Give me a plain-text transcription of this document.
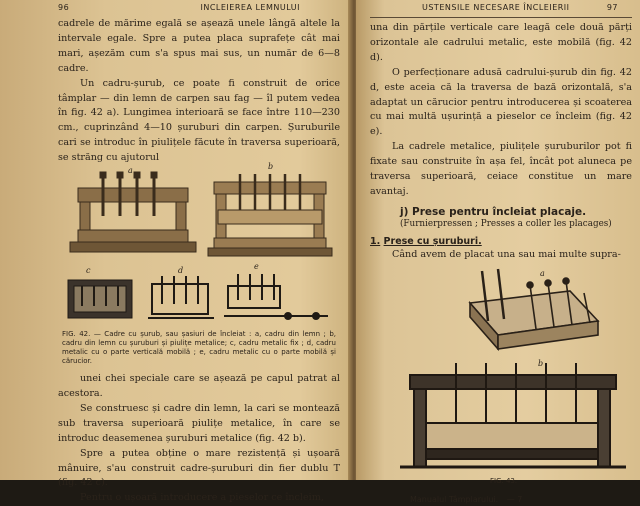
96	INCLEIEREA LEMNULUI

cadrele de mărime egală se așează unele lângă altele la intervale egale. Spre a putea placa suprafețe cât mai mari, așezăm cum s'a spus mai sus, un număr de 6—8 cadre.

Un cadru-șurub, ce poate fi construit de orice tâmplar — din lemn de carpen sau fag — îl putem vedea în fig. 42 a). Lungimea interioară se face între 110—230 cm., cuprinzând 4—10 șuruburi din carpen. Șuruburile cari se introduc în piulițele făcute în traversa superioară, se străng cu ajutorul

a	b
c	d	e
FIG. 42. — Cadre cu șurub, sau șasiuri de încleiat : a, cadru din lemn ; b, cadru din lemn cu șuruburi și piulițe metalice; c, cadru metalic fix ; d, cadru metalic cu o parte verticală mobilă ; e, cadru metalic cu o parte mobilă și cărucior.

unei chei speciale care se așează pe capul patrat al acestora.

Se construesc și cadre din lemn, la cari se montează sub traversa superioară piulițe metalice, în care se introduc deasemenea șuruburi metalice (fig. 42 b).

Spre a putea obține o mare rezistență și ușoară mânuire, s'au construit cadre-șuruburi din fier dublu T (fig. 42 c).

Pentru o ușoară introducere a pieselor ce încleim,

USTENSILE NECESARE ÎNCLEIERII	97

una din părțile verticale care leagă cele două părți orizontale ale cadrului metalic, este mobilă (fig. 42 d).

O perfecționare adusă cadrului-șurub din fig. 42 d, este aceia că la traversa de bază orizontală, s'a adaptat un cărucior pentru introducerea și scoaterea cu mai multă ușurință a pieselor ce încleim (fig. 42 e).

La cadrele metalice, piulițele șuruburilor pot fi fixate sau construite în așa fel, încât pot aluneca pe traversa superioară, ceiace constitue un mare avantaj.

j) Prese pentru încleiat placaje.
(Furnierpressen ; Presses a coller les placages)
1. Prese cu șuruburi.

Când avem de placat una sau mai multe supra-

a
b
FIG. 43.
Manualul Tâmplarului. — 7
